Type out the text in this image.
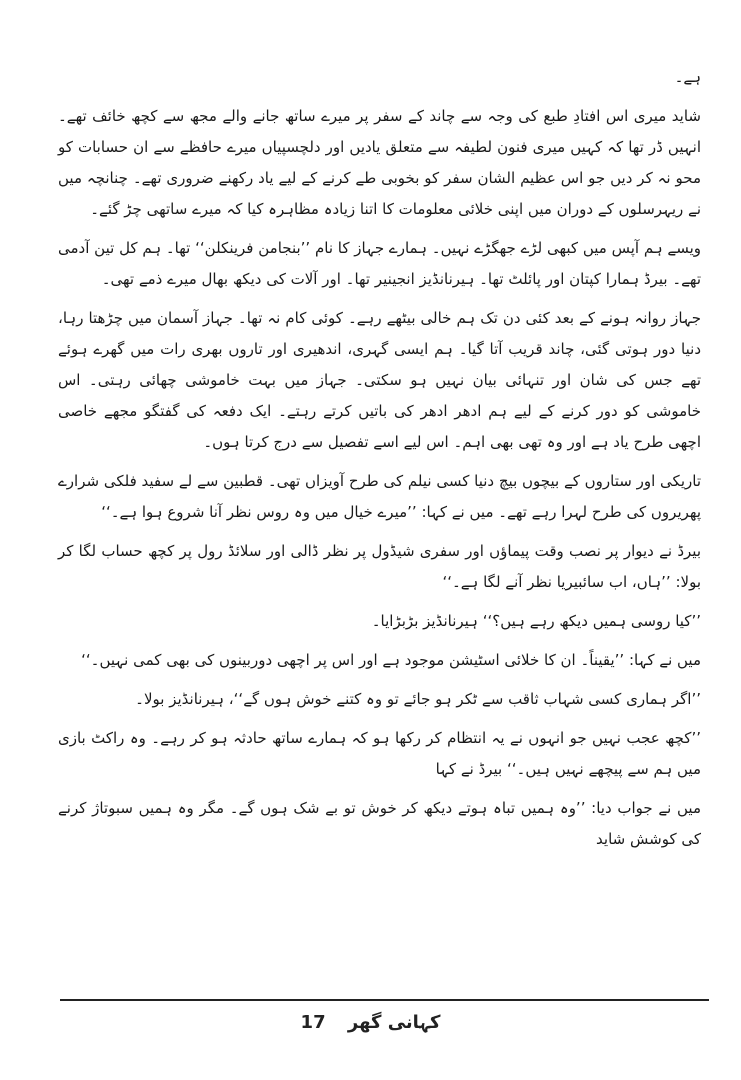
ہے۔

شاید میری اس افتادِ طبع کی وجہ سے چاند کے سفر پر میرے ساتھ جانے والے مجھ سے کچھ خائف تھے۔ انہیں ڈر تھا کہ کہیں میری فنون لطیفہ سے متعلق یادیں اور دلچسپیاں میرے حافظے سے ان حسابات کو محو نہ کر دیں جو اس عظیم الشان سفر کو بخوبی طے کرنے کے لیے یاد رکھنے ضروری تھے۔ چنانچہ میں نے ریہرسلوں کے دوران میں اپنی خلائی معلومات کا اتنا زیادہ مظاہرہ کیا کہ میرے ساتھی چڑ گئے۔

ویسے ہم آپس میں کبھی لڑے جھگڑے نہیں۔ ہمارے جہاز کا نام ’’بنجامن فرینکلن‘‘ تھا۔ ہم کل تین آدمی تھے۔ بیرڈ ہمارا کپتان اور پائلٹ تھا۔ ہیرنانڈیز انجینیر تھا۔ اور آلات کی دیکھ بھال میرے ذمے تھی۔

جہاز روانہ ہونے کے بعد کئی دن تک ہم خالی بیٹھے رہے۔ کوئی کام نہ تھا۔ جہاز آسمان میں چڑھتا رہا، دنیا دور ہوتی گئی، چاند قریب آتا گیا۔ ہم ایسی گہری، اندھیری اور تاروں بھری رات میں گھرے ہوئے تھے جس کی شان اور تنہائی بیان نہیں ہو سکتی۔ جہاز میں بہت خاموشی چھائی رہتی۔ اس خاموشی کو دور کرنے کے لیے ہم ادھر ادھر کی باتیں کرتے رہتے۔ ایک دفعہ کی گفتگو مجھے خاصی اچھی طرح یاد ہے اور وہ تھی بھی اہم۔ اس لیے اسے تفصیل سے درج کرتا ہوں۔

تاریکی اور ستاروں کے بیچوں بیچ دنیا کسی نیلم کی طرح آویزاں تھی۔ قطبین سے لے سفید فلکی شرارے پھریروں کی طرح لہرا رہے تھے۔ میں نے کہا: ’’میرے خیال میں وہ روس نظر آنا شروع ہوا ہے۔‘‘

بیرڈ نے دیوار پر نصب وقت پیماؤں اور سفری شیڈول پر نظر ڈالی اور سلائڈ رول پر کچھ حساب لگا کر بولا: ’’ہاں، اب سائبیریا نظر آنے لگا ہے۔‘‘

’’کیا روسی ہمیں دیکھ رہے ہیں؟‘‘ ہیرنانڈیز بڑبڑایا۔

میں نے کہا: ’’یقیناً۔ ان کا خلائی اسٹیشن موجود ہے اور اس پر اچھی دوربینوں کی بھی کمی نہیں۔‘‘

’’اگر ہماری کسی شہاب ثاقب سے ٹکر ہو جائے تو وہ کتنے خوش ہوں گے‘‘، ہیرنانڈیز بولا۔

’’کچھ عجب نہیں جو انہوں نے یہ انتظام کر رکھا ہو کہ ہمارے ساتھ حادثہ ہو کر رہے۔ وہ راکٹ بازی میں ہم سے پیچھے نہیں ہیں۔‘‘ بیرڈ نے کہا

میں نے جواب دیا: ’’وہ ہمیں تباہ ہوتے دیکھ کر خوش تو بے شک ہوں گے۔ مگر وہ ہمیں سبوتاژ کرنے کی کوشش شاید

17 کہانی گھر
